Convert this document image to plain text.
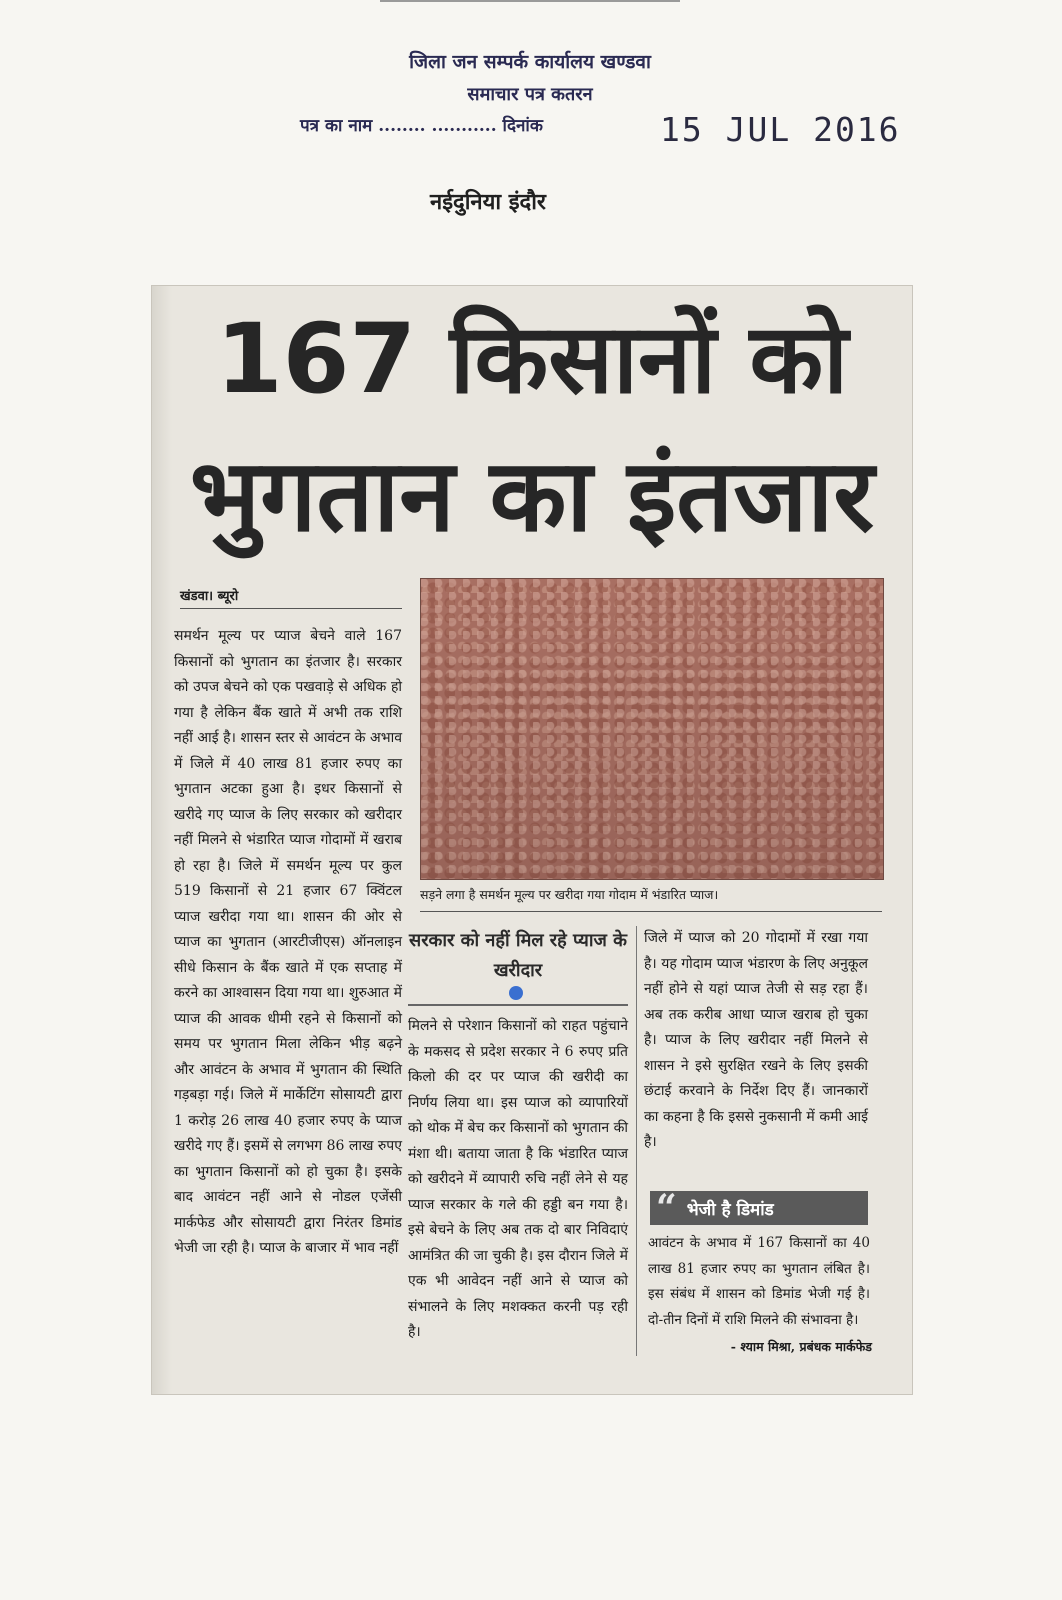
जिला जन सम्पर्क कार्यालय खण्डवा
समाचार पत्र कतरन
पत्र का नाम ........ ........... दिनांक	15 JUL 2016
नईदुनिया इंदौर
167 किसानों को
भुगतान का इंतजार
खंडवा। ब्यूरो
समर्थन मूल्य पर प्याज बेचने वाले 167 किसानों को भुगतान का इंतजार है। सरकार को उपज बेचने को एक पखवाड़े से अधिक हो गया है लेकिन बैंक खाते में अभी तक राशि नहीं आई है। शासन स्तर से आवंटन के अभाव में जिले में 40 लाख 81 हजार रुपए का भुगतान अटका हुआ है। इधर किसानों से खरीदे गए प्याज के लिए सरकार को खरीदार नहीं मिलने से भंडारित प्याज गोदामों में खराब हो रहा है। जिले में समर्थन मूल्य पर कुल 519 किसानों से 21 हजार 67 क्विंटल प्याज खरीदा गया था। शासन की ओर से प्याज का भुगतान (आरटीजीएस) ऑनलाइन सीधे किसान के बैंक खाते में एक सप्ताह में करने का आश्वासन दिया गया था। शुरुआत में प्याज की आवक धीमी रहने से किसानों को समय पर भुगतान मिला लेकिन भीड़ बढ़ने और आवंटन के अभाव में भुगतान की स्थिति गड़बड़ा गई। जिले में मार्केटिंग सोसायटी द्वारा 1 करोड़ 26 लाख 40 हजार रुपए के प्याज खरीदे गए हैं। इसमें से लगभग 86 लाख रुपए का भुगतान किसानों को हो चुका है। इसके बाद आवंटन नहीं आने से नोडल एजेंसी मार्कफेड और सोसायटी द्वारा निरंतर डिमांड भेजी जा रही है। प्याज के बाजार में भाव नहीं
सड़ने लगा है समर्थन मूल्य पर खरीदा गया गोदाम में भंडारित प्याज।
सरकार को नहीं मिल रहे प्याज के खरीदार
मिलने से परेशान किसानों को राहत पहुंचाने के मकसद से प्रदेश सरकार ने 6 रुपए प्रति किलो की दर पर प्याज की खरीदी का निर्णय लिया था। इस प्याज को व्यापारियों को थोक में बेच कर किसानों को भुगतान की मंशा थी। बताया जाता है कि भंडारित प्याज को खरीदने में व्यापारी रुचि नहीं लेने से यह प्याज सरकार के गले की हड्डी बन गया है। इसे बेचने के लिए अब तक दो बार निविदाएं आमंत्रित की जा चुकी है। इस दौरान जिले में एक भी आवेदन नहीं आने से प्याज को संभालने के लिए मशक्कत करनी पड़ रही है।
जिले में प्याज को 20 गोदामों में रखा गया है। यह गोदाम प्याज भंडारण के लिए अनुकूल नहीं होने से यहां प्याज तेजी से सड़ रहा हैं। अब तक करीब आधा प्याज खराब हो चुका है। प्याज के लिए खरीदार नहीं मिलने से शासन ने इसे सुरक्षित रखने के लिए इसकी छंटाई करवाने के निर्देश दिए हैं। जानकारों का कहना है कि इससे नुकसानी में कमी आई है।
“ भेजी है डिमांड
आवंटन के अभाव में 167 किसानों का 40 लाख 81 हजार रुपए का भुगतान लंबित है। इस संबंध में शासन को डिमांड भेजी गई है। दो-तीन दिनों में राशि मिलने की संभावना है।
- श्याम मिश्रा, प्रबंधक मार्कफेड
